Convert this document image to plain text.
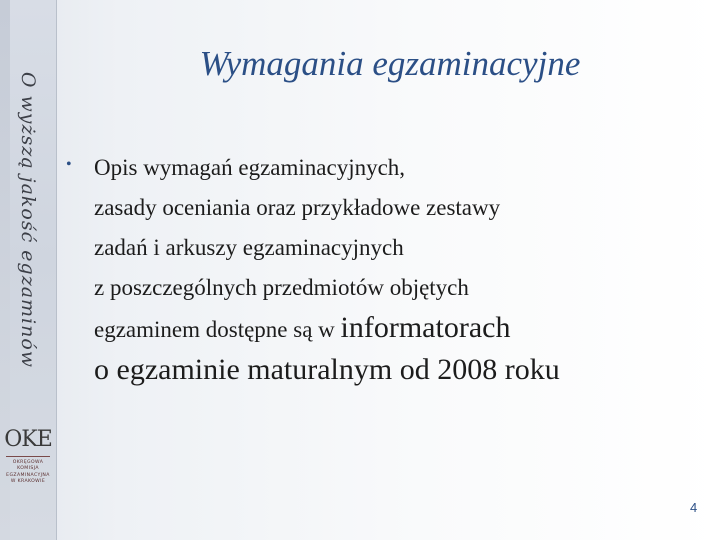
O wyższą jakość egzaminów
OKE
OKRĘGOWA
KOMISJA
EGZAMINACYJNA
W KRAKOWIE
Wymagania egzaminacyjne
• Opis wymagań egzaminacyjnych,
zasady oceniania oraz przykładowe zestawy
zadań i arkuszy egzaminacyjnych
z poszczególnych przedmiotów objętych
egzaminem dostępne są w informatorach
o egzaminie maturalnym od 2008 roku
4
